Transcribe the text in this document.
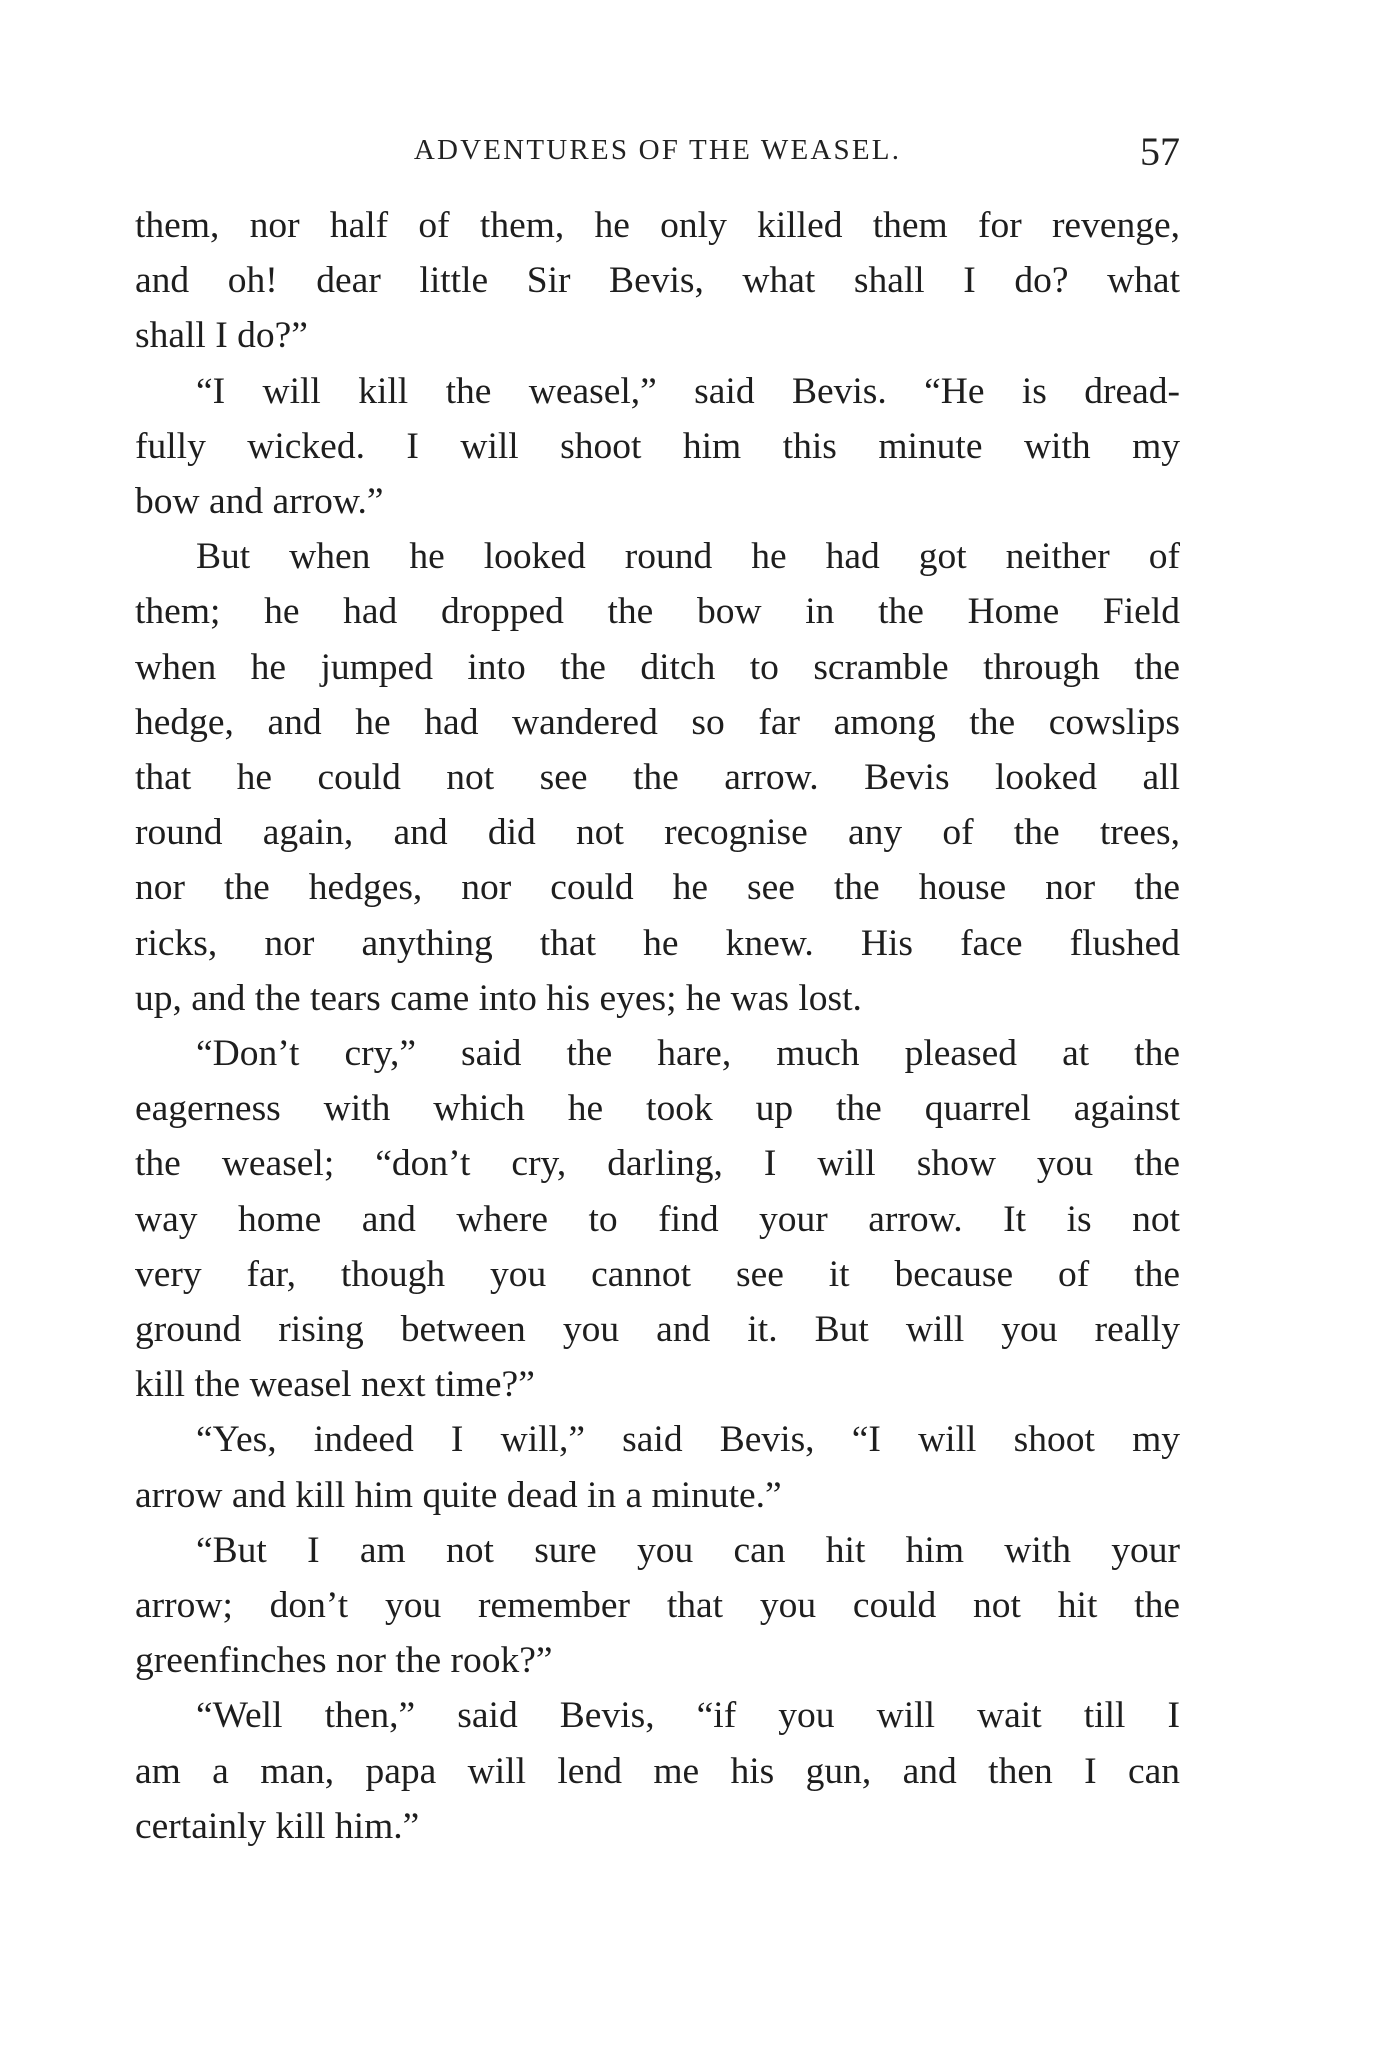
ADVENTURES OF THE WEASEL.	57

them, nor half of them, he only killed them for revenge,
and oh! dear little Sir Bevis, what shall I do? what
shall I do?”

“I will kill the weasel,” said Bevis. “He is dread-
fully wicked. I will shoot him this minute with my
bow and arrow.”

But when he looked round he had got neither of
them; he had dropped the bow in the Home Field
when he jumped into the ditch to scramble through the
hedge, and he had wandered so far among the cowslips
that he could not see the arrow. Bevis looked all
round again, and did not recognise any of the trees,
nor the hedges, nor could he see the house nor the
ricks, nor anything that he knew. His face flushed
up, and the tears came into his eyes; he was lost.

“Don’t cry,” said the hare, much pleased at the
eagerness with which he took up the quarrel against
the weasel; “don’t cry, darling, I will show you the
way home and where to find your arrow. It is not
very far, though you cannot see it because of the
ground rising between you and it. But will you really
kill the weasel next time?”

“Yes, indeed I will,” said Bevis, “I will shoot my
arrow and kill him quite dead in a minute.”

“But I am not sure you can hit him with your
arrow; don’t you remember that you could not hit the
greenfinches nor the rook?”

“Well then,” said Bevis, “if you will wait till I
am a man, papa will lend me his gun, and then I can
certainly kill him.”
